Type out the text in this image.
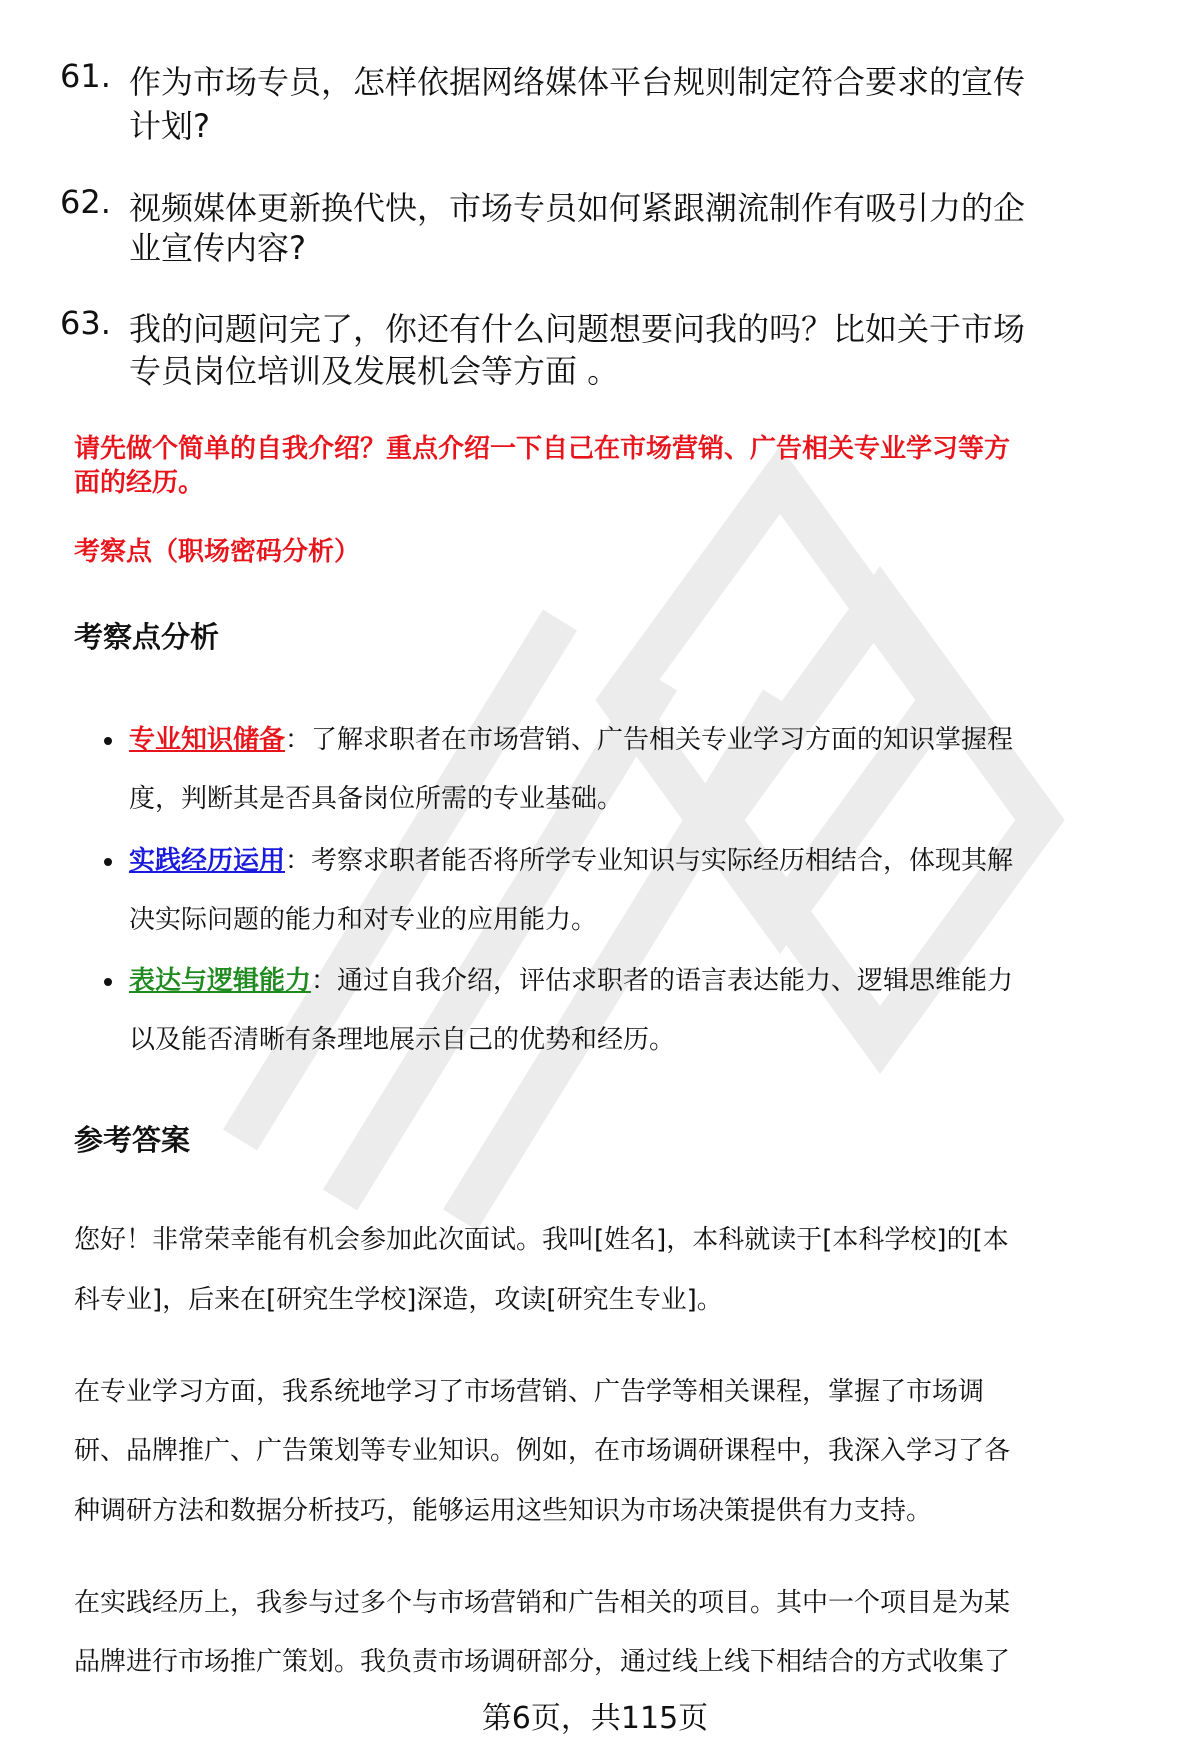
61. 作为市场专员，怎样依据网络媒体平台规则制定符合要求的宣传
计划?
62. 视频媒体更新换代快，市场专员如何紧跟潮流制作有吸引力的企
业宣传内容?
63. 我的问题问完了，你还有什么问题想要问我的吗？比如关于市场
专员岗位培训及发展机会等方面 。
请先做个简单的自我介绍？重点介绍一下自己在市场营销、广告相关专业学习等方
面的经历。
考察点（职场密码分析）
考察点分析
专业知识储备：了解求职者在市场营销、广告相关专业学习方面的知识掌握程
度，判断其是否具备岗位所需的专业基础。
实践经历运用：考察求职者能否将所学专业知识与实际经历相结合，体现其解
决实际问题的能力和对专业的应用能力。
表达与逻辑能力：通过自我介绍，评估求职者的语言表达能力、逻辑思维能力
以及能否清晰有条理地展示自己的优势和经历。
参考答案
您好！非常荣幸能有机会参加此次面试。我叫[姓名]，本科就读于[本科学校]的[本
科专业]，后来在[研究生学校]深造，攻读[研究生专业]。
在专业学习方面，我系统地学习了市场营销、广告学等相关课程，掌握了市场调
研、品牌推广、广告策划等专业知识。例如，在市场调研课程中，我深入学习了各
种调研方法和数据分析技巧，能够运用这些知识为市场决策提供有力支持。
在实践经历上，我参与过多个与市场营销和广告相关的项目。其中一个项目是为某
品牌进行市场推广策划。我负责市场调研部分，通过线上线下相结合的方式收集了
第6页，共115页
